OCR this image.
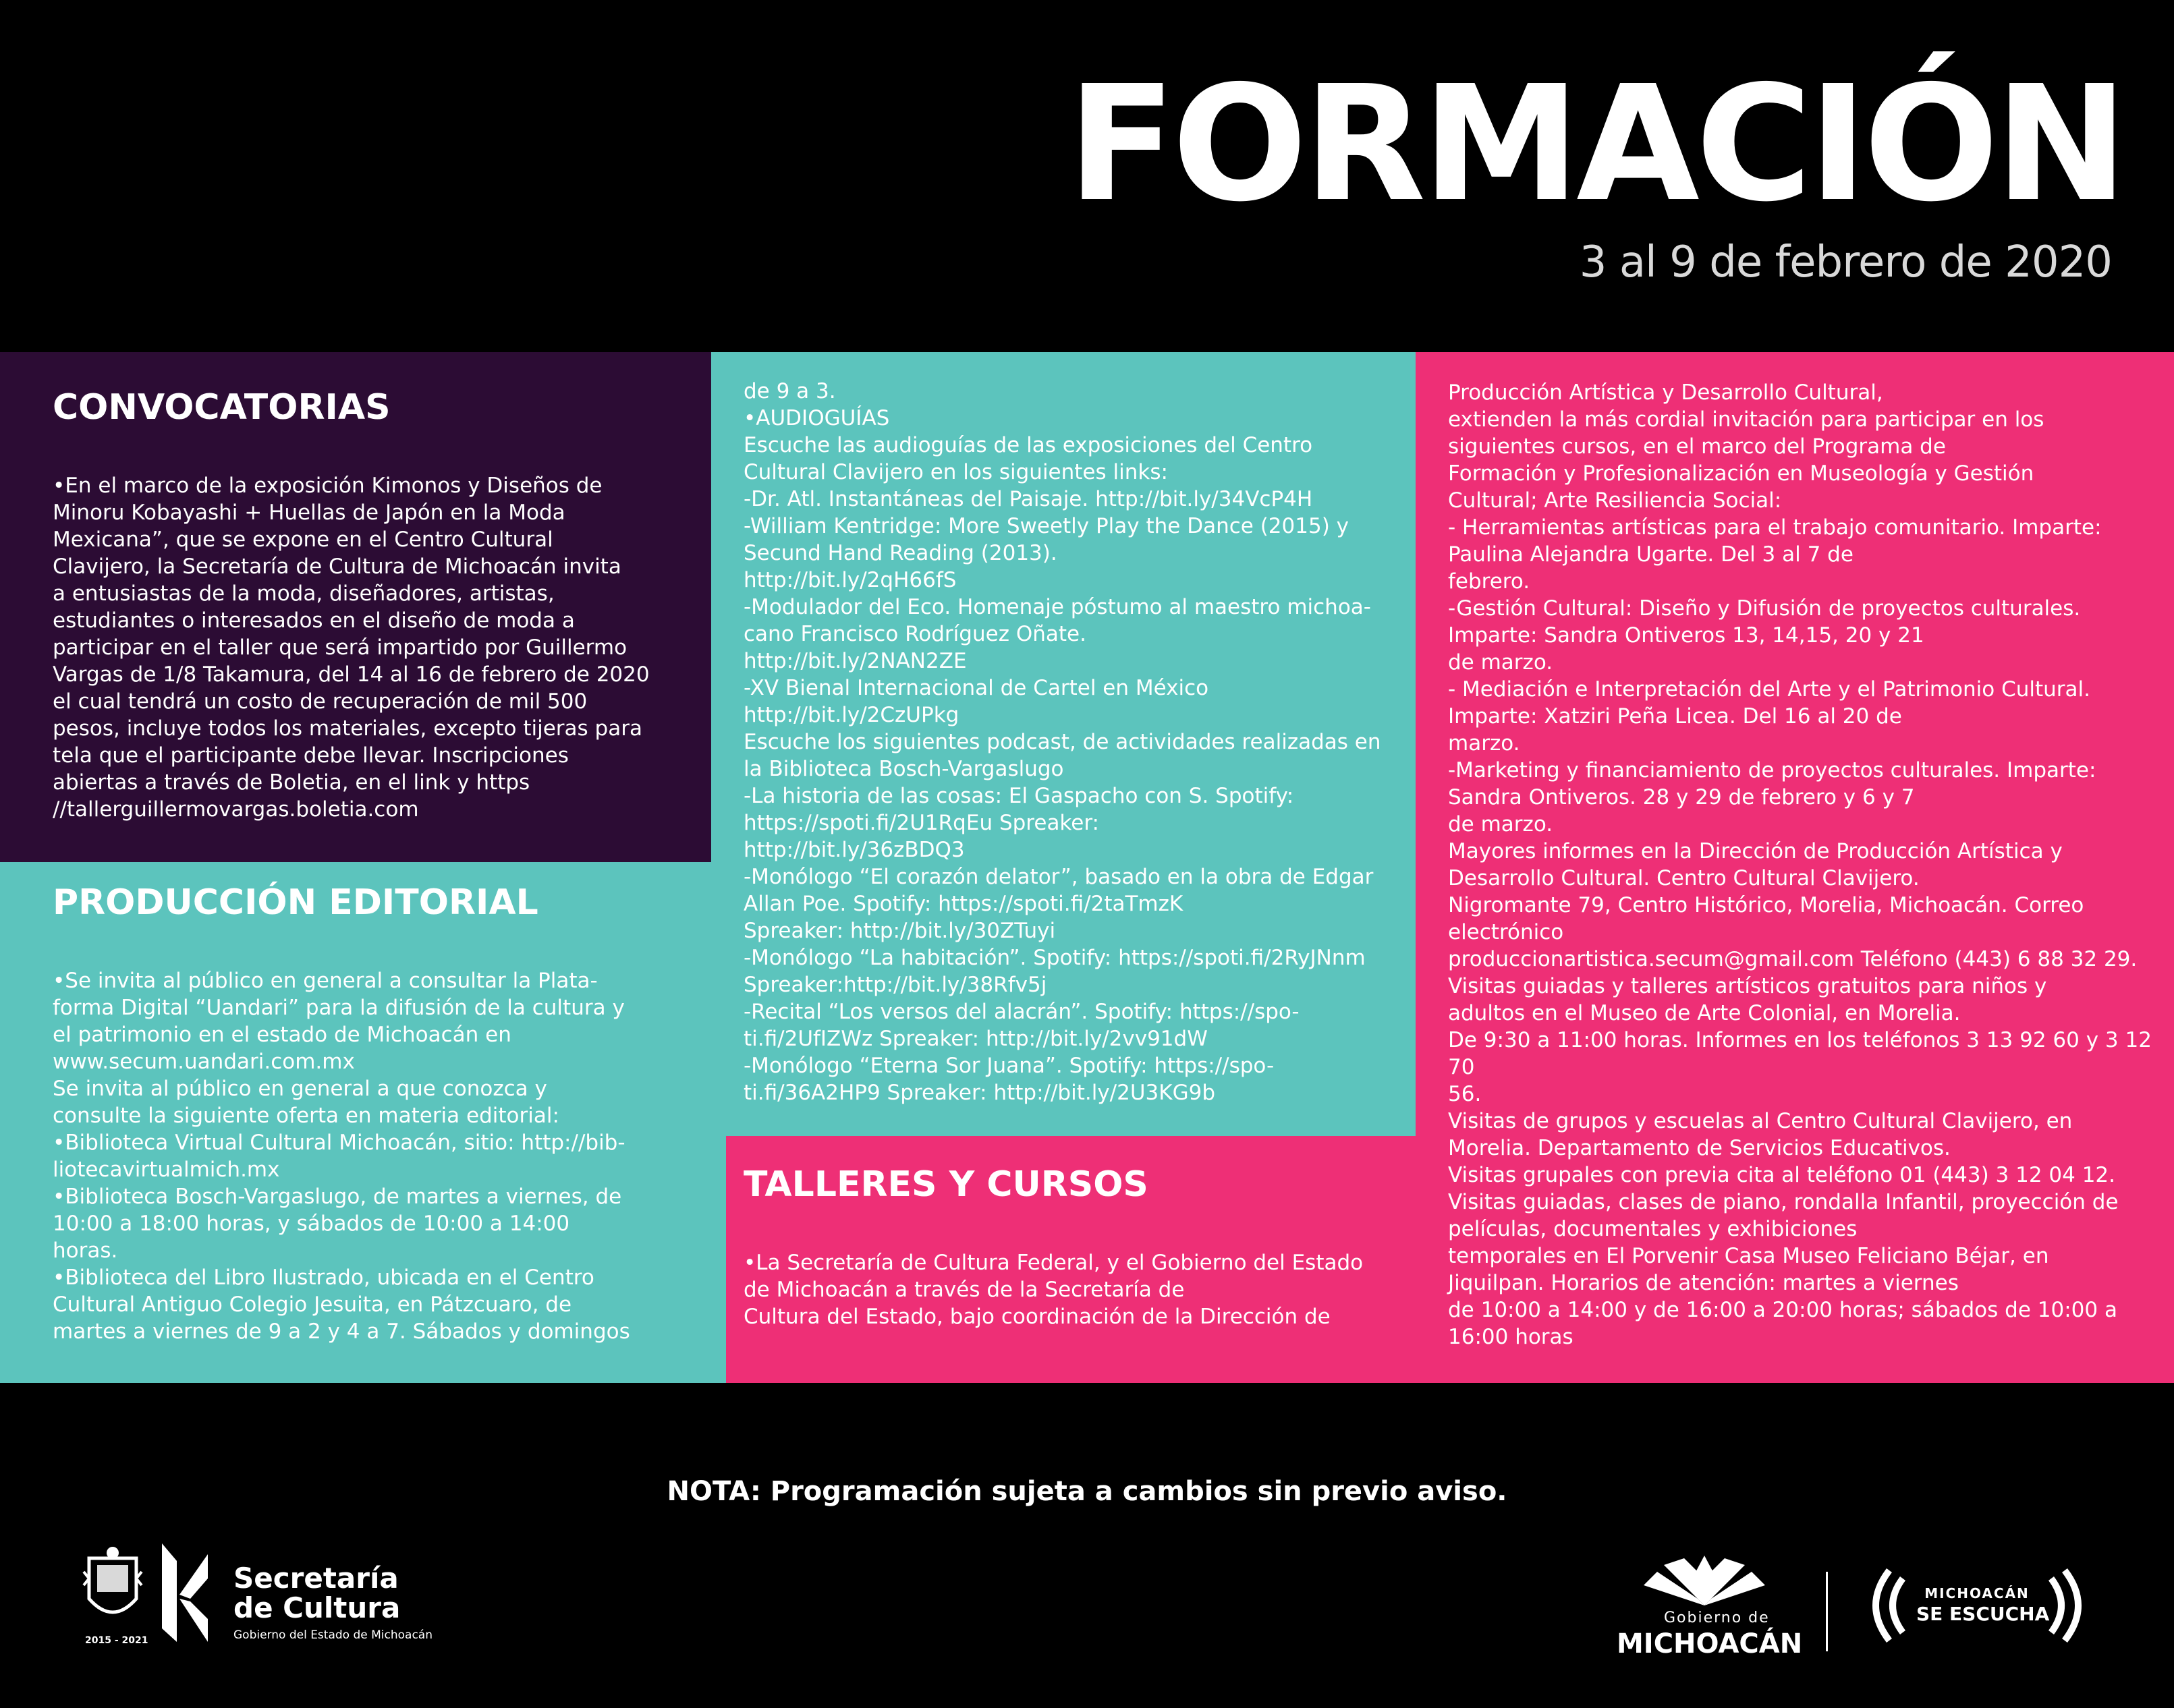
FORMACIÓN
3 al 9 de febrero de 2020
CONVOCATORIAS
•En el marco de la exposición Kimonos y Diseños de
Minoru Kobayashi + Huellas de Japón en la Moda
Mexicana”, que se expone en el Centro Cultural
Clavijero, la Secretaría de Cultura de Michoacán invita
a entusiastas de la moda, diseñadores, artistas,
estudiantes o interesados en el diseño de moda a
participar en el taller que será impartido por Guillermo
Vargas de 1/8 Takamura, del 14 al 16 de febrero de 2020
el cual tendrá un costo de recuperación de mil 500
pesos, incluye todos los materiales, excepto tijeras para
tela que el participante debe llevar. Inscripciones
abiertas a través de Boletia, en el link y https
//tallerguillermovargas.boletia.com
PRODUCCIÓN EDITORIAL
•Se invita al público en general a consultar la Plata-
forma Digital “Uandari” para la difusión de la cultura y
el patrimonio en el estado de Michoacán en
www.secum.uandari.com.mx
Se invita al público en general a que conozca y
consulte la siguiente oferta en materia editorial:
•Biblioteca Virtual Cultural Michoacán, sitio: http://bib-
liotecavirtualmich.mx
•Biblioteca Bosch-Vargaslugo, de martes a viernes, de
10:00 a 18:00 horas, y sábados de 10:00 a 14:00
horas.
•Biblioteca del Libro Ilustrado, ubicada en el Centro
Cultural Antiguo Colegio Jesuita, en Pátzcuaro, de
martes a viernes de 9 a 2 y 4 a 7. Sábados y domingos
de 9 a 3.
•AUDIOGUÍAS
Escuche las audioguías de las exposiciones del Centro
Cultural Clavijero en los siguientes links:
-Dr. Atl. Instantáneas del Paisaje. http://bit.ly/34VcP4H
-William Kentridge: More Sweetly Play the Dance (2015) y
Secund Hand Reading (2013).
http://bit.ly/2qH66fS
-Modulador del Eco. Homenaje póstumo al maestro michoa-
cano Francisco Rodríguez Oñate.
http://bit.ly/2NAN2ZE
-XV Bienal Internacional de Cartel en México
http://bit.ly/2CzUPkg
Escuche los siguientes podcast, de actividades realizadas en
la Biblioteca Bosch-Vargaslugo
-La historia de las cosas: El Gaspacho con S. Spotify:
https://spoti.fi/2U1RqEu Spreaker:
http://bit.ly/36zBDQ3
-Monólogo “El corazón delator”, basado en la obra de Edgar
Allan Poe. Spotify: https://spoti.fi/2taTmzK
Spreaker: http://bit.ly/30ZTuyi
-Monólogo “La habitación”. Spotify: https://spoti.fi/2RyJNnm
Spreaker:http://bit.ly/38Rfv5j
-Recital “Los versos del alacrán”. Spotify: https://spo-
ti.fi/2UfIZWz Spreaker: http://bit.ly/2vv91dW
-Monólogo “Eterna Sor Juana”. Spotify: https://spo-
ti.fi/36A2HP9 Spreaker: http://bit.ly/2U3KG9b
TALLERES Y CURSOS
•La Secretaría de Cultura Federal, y el Gobierno del Estado
de Michoacán a través de la Secretaría de
Cultura del Estado, bajo coordinación de la Dirección de
Producción Artística y Desarrollo Cultural,
extienden la más cordial invitación para participar en los
siguientes cursos, en el marco del Programa de
Formación y Profesionalización en Museología y Gestión
Cultural; Arte Resiliencia Social:
- Herramientas artísticas para el trabajo comunitario. Imparte:
Paulina Alejandra Ugarte. Del 3 al 7 de
febrero.
-Gestión Cultural: Diseño y Difusión de proyectos culturales.
Imparte: Sandra Ontiveros 13, 14,15, 20 y 21
de marzo.
- Mediación e Interpretación del Arte y el Patrimonio Cultural.
Imparte: Xatziri Peña Licea. Del 16 al 20 de
marzo.
-Marketing y financiamiento de proyectos culturales. Imparte:
Sandra Ontiveros. 28 y 29 de febrero y 6 y 7
de marzo.
Mayores informes en la Dirección de Producción Artística y
Desarrollo Cultural. Centro Cultural Clavijero.
Nigromante 79, Centro Histórico, Morelia, Michoacán. Correo
electrónico
produccionartistica.secum@gmail.com Teléfono (443) 6 88 32 29.
Visitas guiadas y talleres artísticos gratuitos para niños y
adultos en el Museo de Arte Colonial, en Morelia.
De 9:30 a 11:00 horas. Informes en los teléfonos 3 13 92 60 y 3 12 70
56.
Visitas de grupos y escuelas al Centro Cultural Clavijero, en
Morelia. Departamento de Servicios Educativos.
Visitas grupales con previa cita al teléfono 01 (443) 3 12 04 12.
Visitas guiadas, clases de piano, rondalla Infantil, proyección de
películas, documentales y exhibiciones
temporales en El Porvenir Casa Museo Feliciano Béjar, en
Jiquilpan. Horarios de atención: martes a viernes
de 10:00 a 14:00 y de 16:00 a 20:00 horas; sábados de 10:00 a
16:00 horas
NOTA: Programación sujeta a cambios sin previo aviso.
2015 - 2021
Secretaría
de Cultura
Gobierno del Estado de Michoacán
Gobierno de
MICHOACÁN
MICHOACÁN
SE ESCUCHA
